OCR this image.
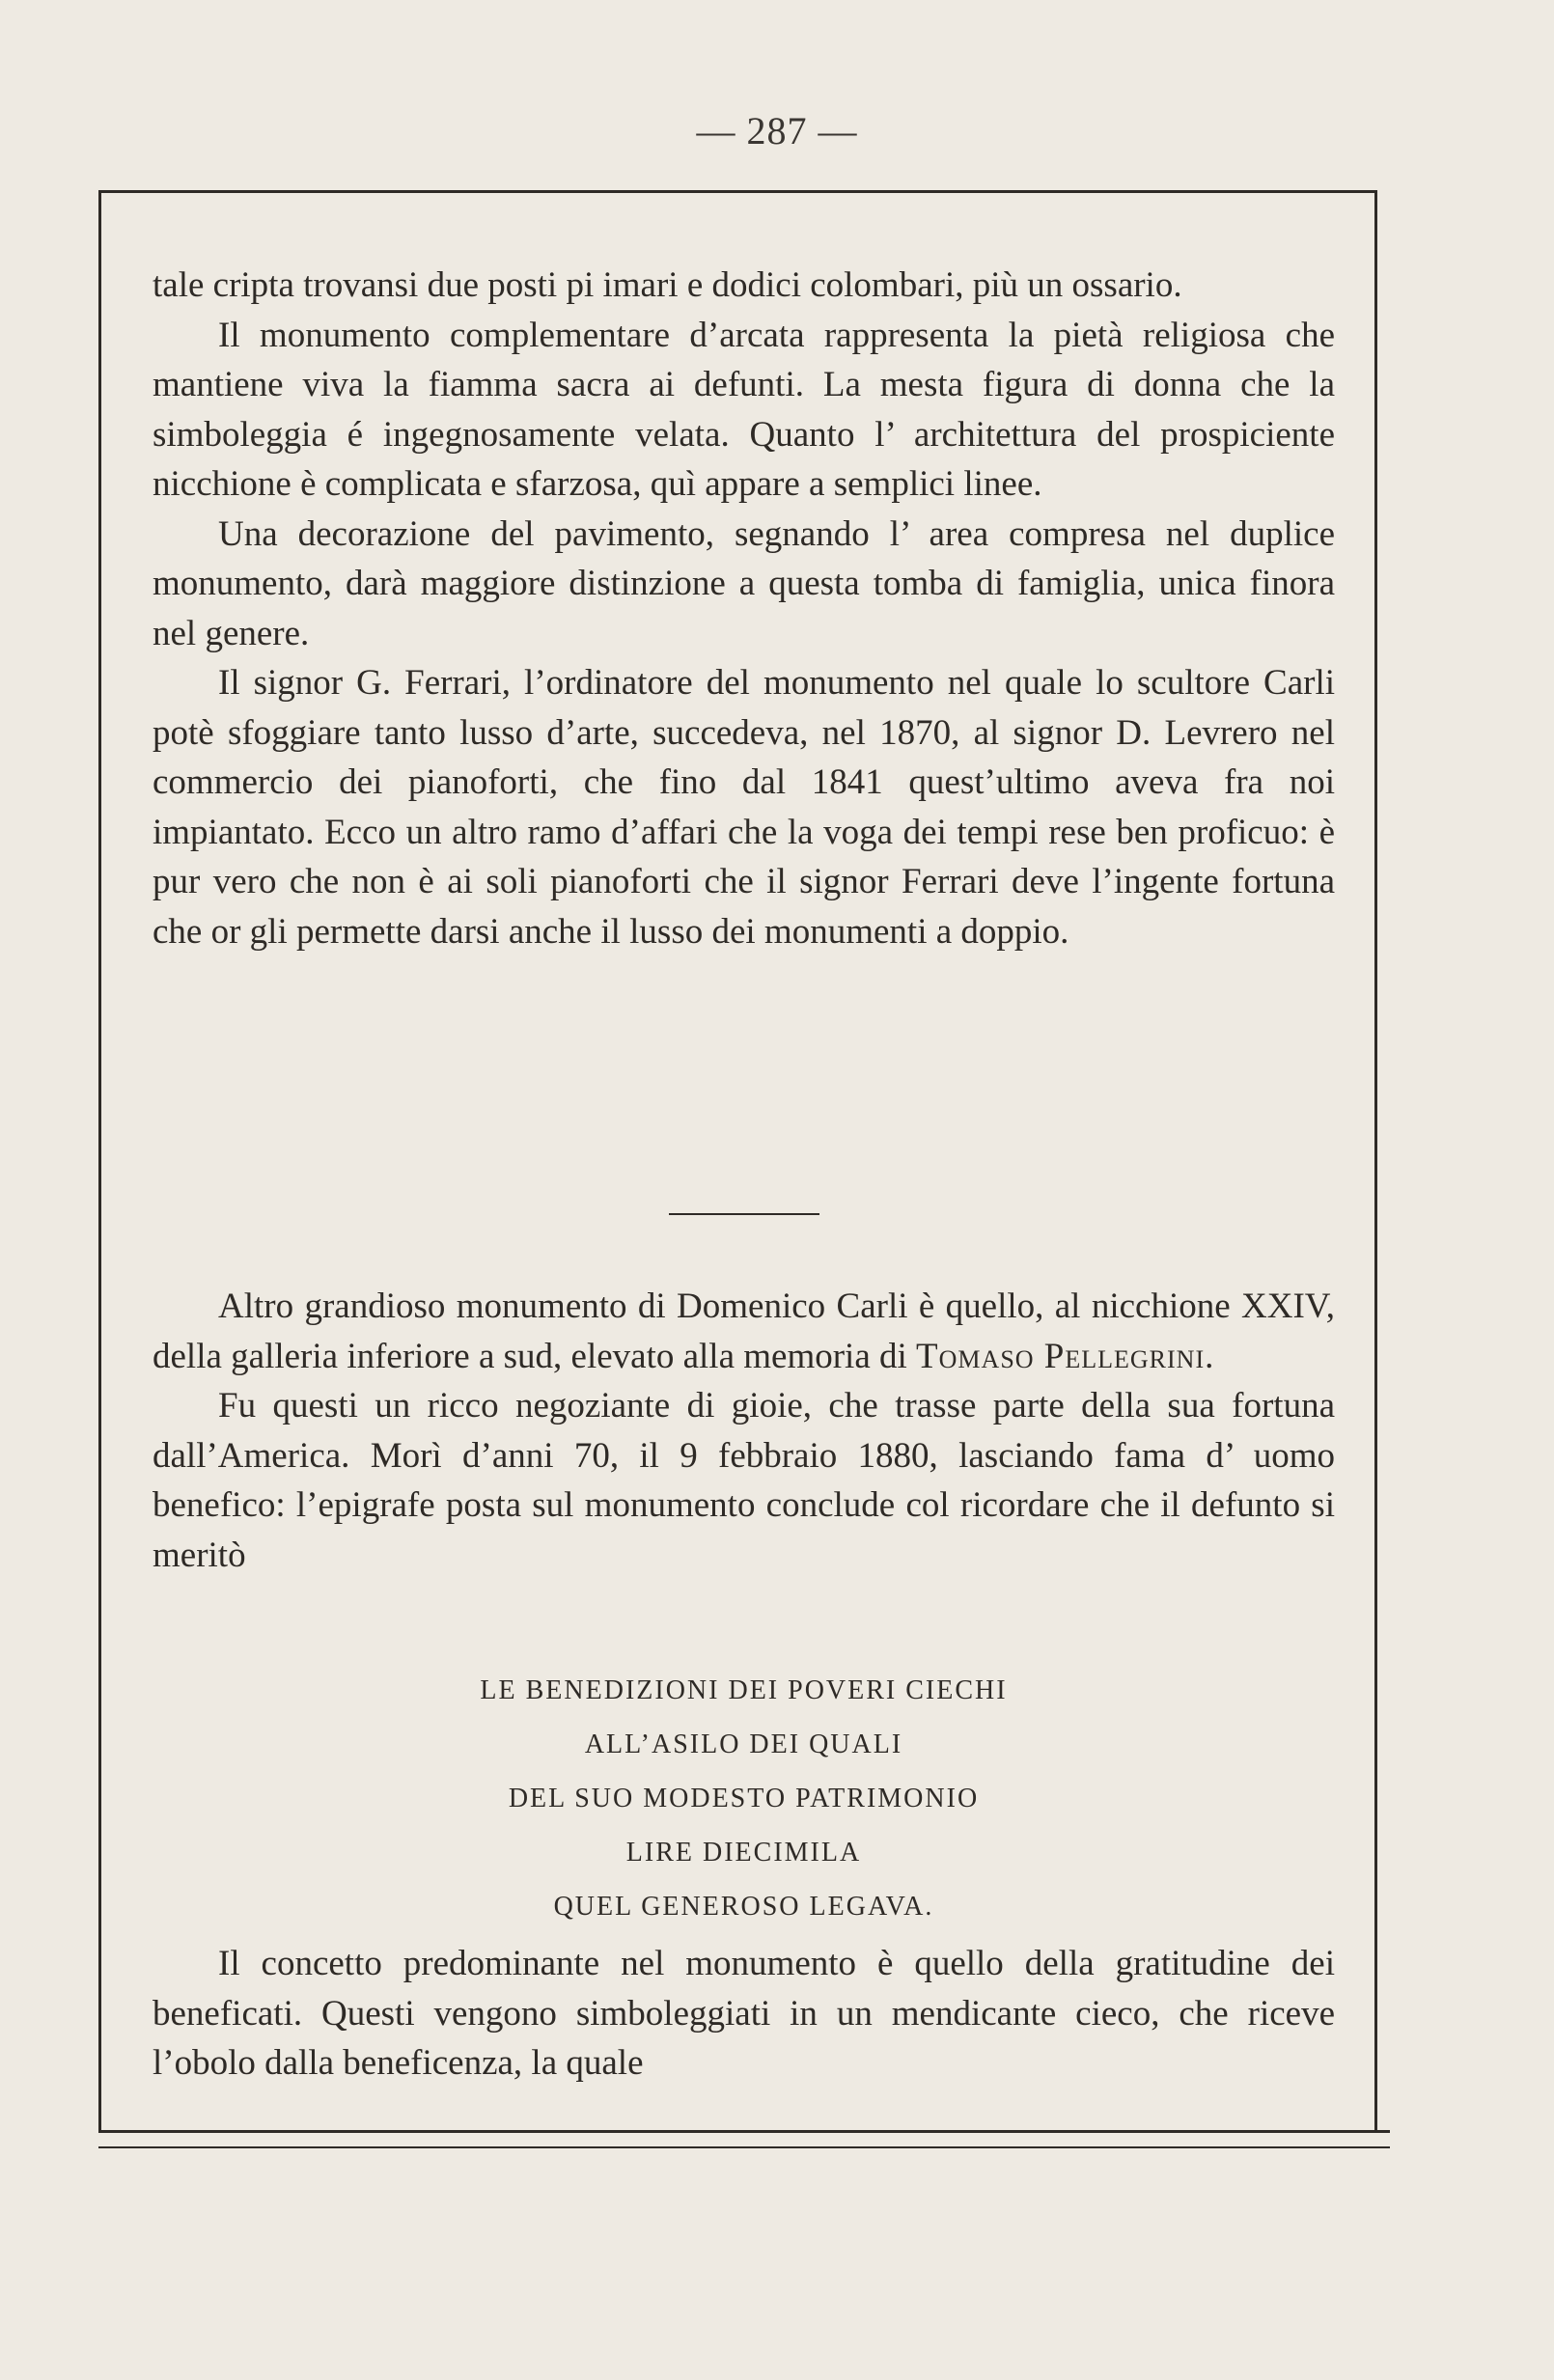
— 287 —

tale cripta trovansi due posti pi imari e dodici colombari, più un ossario.

Il monumento complementare d’arcata rappresenta la pietà religiosa che mantiene viva la fiamma sacra ai defunti. La mesta figura di donna che la simboleggia é ingegnosamente velata. Quanto l’ architettura del prospiciente nicchione è complicata e sfarzosa, quì appare a semplici linee.

Una decorazione del pavimento, segnando l’ area compresa nel duplice monumento, darà maggiore distinzione a questa tomba di famiglia, unica finora nel genere.

Il signor G. Ferrari, l’ordinatore del monumento nel quale lo scultore Carli potè sfoggiare tanto lusso d’arte, succedeva, nel 1870, al signor D. Levrero nel commercio dei pianoforti, che fino dal 1841 quest’ultimo aveva fra noi impiantato. Ecco un altro ramo d’affari che la voga dei tempi rese ben proficuo: è pur vero che non è ai soli pianoforti che il signor Ferrari deve l’ingente fortuna che or gli permette darsi anche il lusso dei monumenti a doppio.

Altro grandioso monumento di Domenico Carli è quello, al nicchione XXIV, della galleria inferiore a sud, elevato alla memoria di Tomaso Pellegrini.

Fu questi un ricco negoziante di gioie, che trasse parte della sua fortuna dall’America. Morì d’anni 70, il 9 febbraio 1880, lasciando fama d’ uomo benefico: l’epigrafe posta sul monumento conclude col ricordare che il defunto si meritò

LE BENEDIZIONI DEI POVERI CIECHI
ALL’ASILO DEI QUALI
DEL SUO MODESTO PATRIMONIO
LIRE DIECIMILA
QUEL GENEROSO LEGAVA.

Il concetto predominante nel monumento è quello della gratitudine dei beneficati. Questi vengono simboleggiati in un mendicante cieco, che riceve l’obolo dalla beneficenza, la quale
